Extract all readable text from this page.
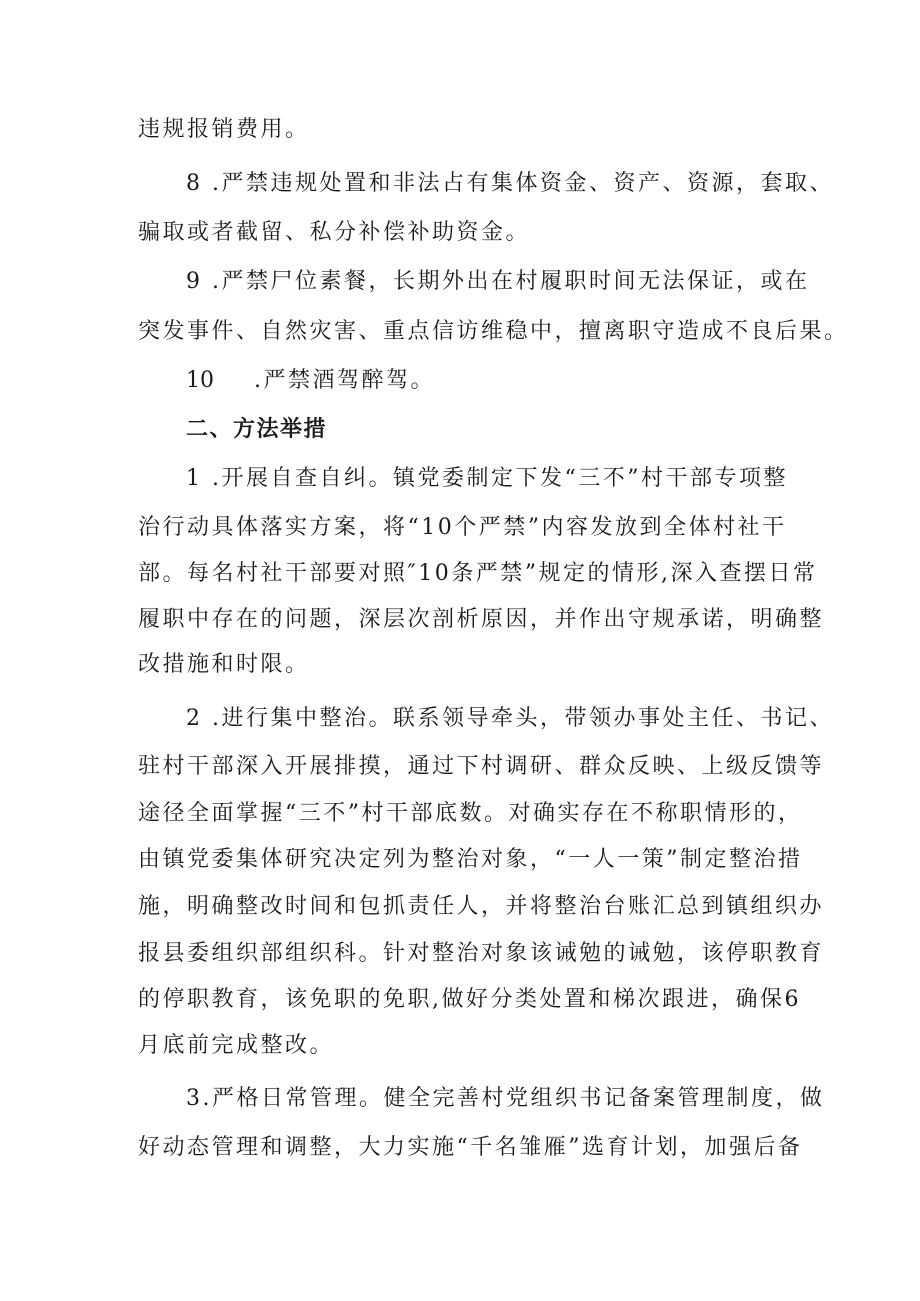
违规报销费用。
8 .严禁违规处置和非法占有集体资金、资产、资源，套取、
骗取或者截留、私分补偿补助资金。
9 .严禁尸位素餐，长期外出在村履职时间无法保证，或在
突发事件、自然灾害、重点信访维稳中，擅离职守造成不良后果。
10 .严禁酒驾醉驾。
二、方法举措
1 .开展自查自纠。镇党委制定下发“三不”村干部专项整
治行动具体落实方案，将“10个严禁”内容发放到全体村社干
部。每名村社干部要对照″10条严禁”规定的情形,深入查摆日常
履职中存在的问题，深层次剖析原因，并作出守规承诺，明确整
改措施和时限。
2 .进行集中整治。联系领导牵头，带领办事处主任、书记、
驻村干部深入开展排摸，通过下村调研、群众反映、上级反馈等
途径全面掌握“三不”村干部底数。对确实存在不称职情形的，
由镇党委集体研究决定列为整治对象，“一人一策”制定整治措
施，明确整改时间和包抓责任人，并将整治台账汇总到镇组织办
报县委组织部组织科。针对整治对象该诫勉的诫勉，该停职教育
的停职教育，该免职的免职,做好分类处置和梯次跟进，确保6
月底前完成整改。
3.严格日常管理。健全完善村党组织书记备案管理制度，做
好动态管理和调整，大力实施“千名雏雁”选育计划，加强后备
